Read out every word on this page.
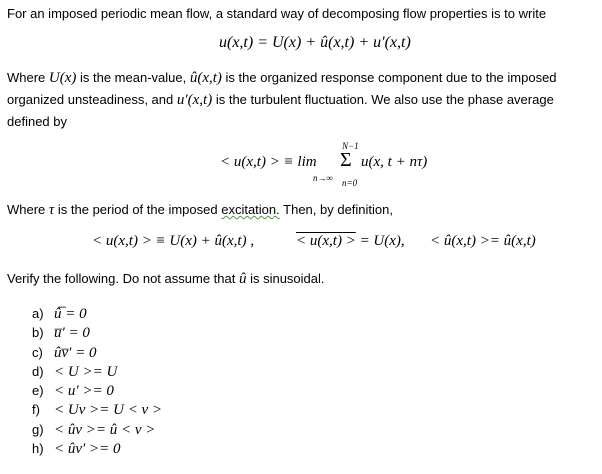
For an imposed periodic mean flow, a standard way of decomposing flow properties is to write
u(x,t) = U(x) + û(x,t) + u′(x,t)
Where U(x) is the mean-value, û(x,t) is the organized response component due to the imposed
organized unsteadiness, and u′(x,t) is the turbulent fluctuation. We also use the phase average
defined by
< u(x,t) > ≡ lim
n→∞
N−1
Σ
n=0
u(x, t + nτ)
Where τ is the period of the imposed excitation. Then, by definition,
< u(x,t) > ≡ U(x) + û(x,t) ,	< u(x,t) > = U(x), < û(x,t) >= û(x,t)
Verify the following. Do not assume that û is sinusoidal.
a) û̅ = 0
b) u̅′ = 0
c) ûv̅′ = 0
d) < U >= U
e) < u′ >= 0
f) < Uv >= U < v >
g) < ûv >= û < v >
h) < ûv′ >= 0
